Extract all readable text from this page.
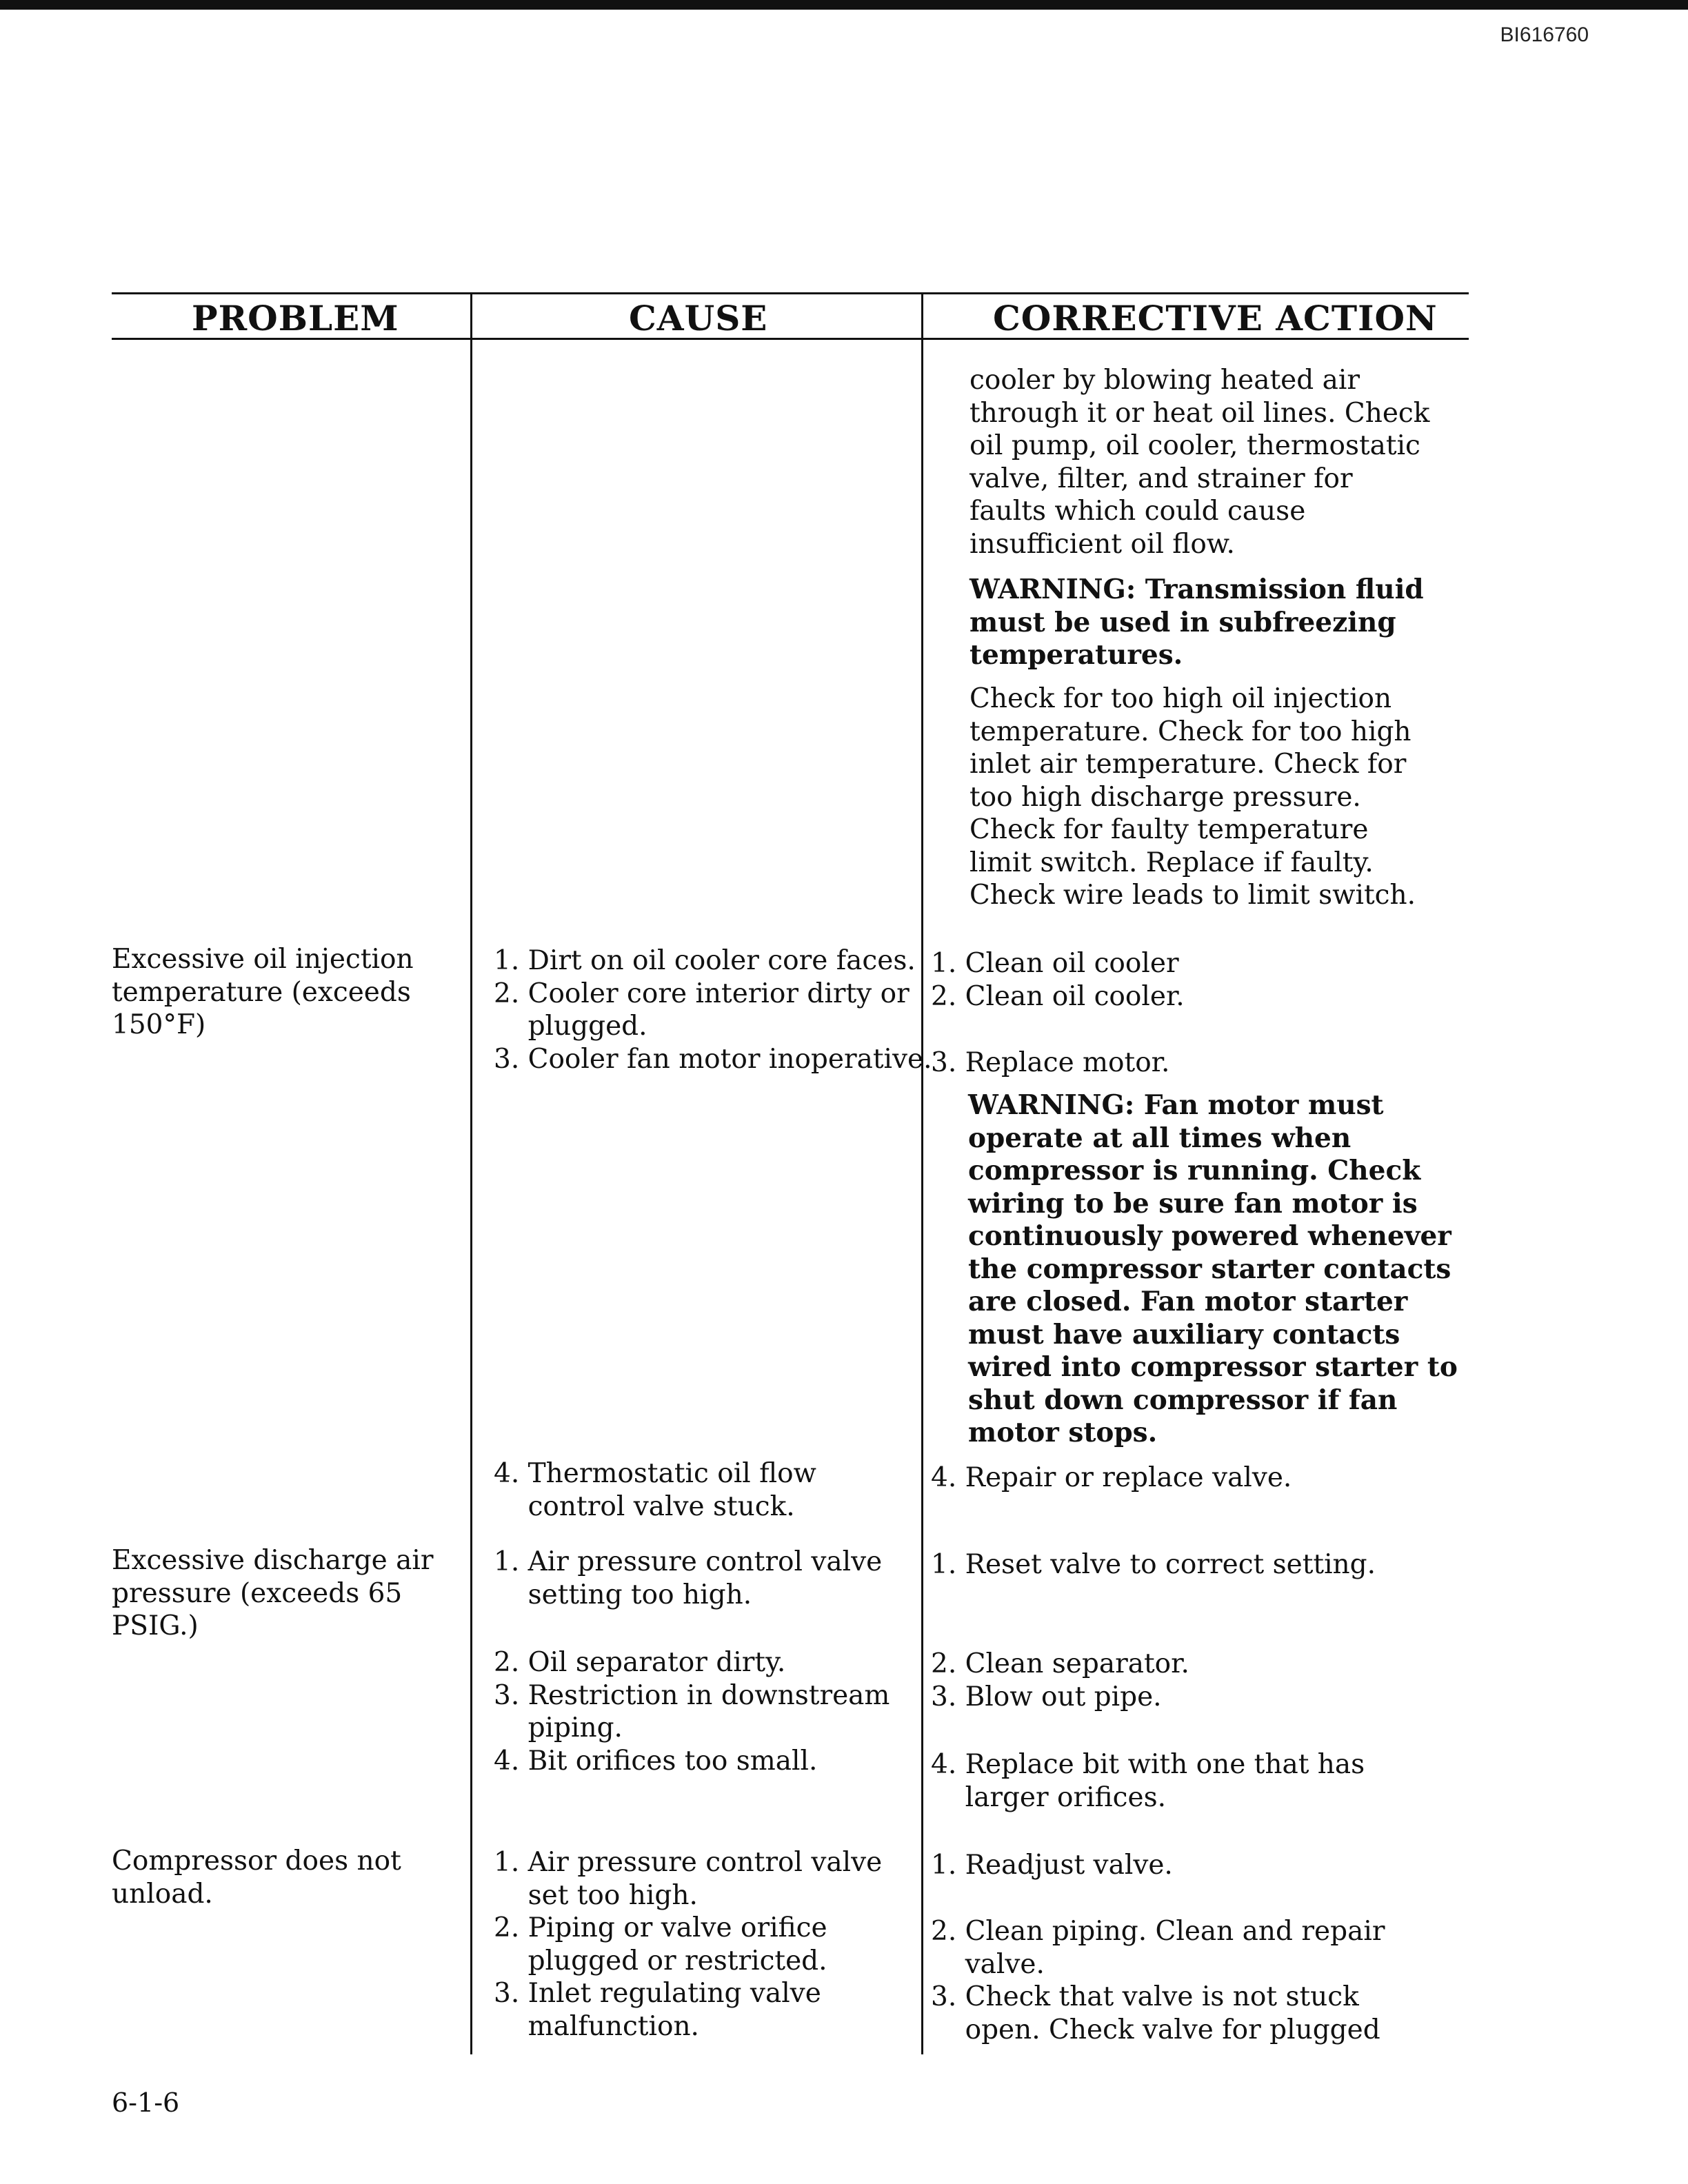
BI616760
PROBLEM	CAUSE	CORRECTIVE ACTION
cooler by blowing heated air
through it or heat oil lines. Check
oil pump, oil cooler, thermostatic
valve, filter, and strainer for
faults which could cause
insufficient oil flow.
WARNING: Transmission fluid
must be used in subfreezing
temperatures.
Check for too high oil injection
temperature. Check for too high
inlet air temperature. Check for
too high discharge pressure.
Check for faulty temperature
limit switch. Replace if faulty.
Check wire leads to limit switch.
Excessive oil injection
temperature (exceeds
150°F)
1. Dirt on oil cooler core faces.
2. Cooler core interior dirty or
plugged.
3. Cooler fan motor inoperative.
4. Thermostatic oil flow
control valve stuck.
1. Clean oil cooler
2. Clean oil cooler.
3. Replace motor.
WARNING: Fan motor must
operate at all times when
compressor is running. Check
wiring to be sure fan motor is
continuously powered whenever
the compressor starter contacts
are closed. Fan motor starter
must have auxiliary contacts
wired into compressor starter to
shut down compressor if fan
motor stops.
4. Repair or replace valve.
Excessive discharge air
pressure (exceeds 65
PSIG.)
1. Air pressure control valve
setting too high.
2. Oil separator dirty.
3. Restriction in downstream
piping.
4. Bit orifices too small.
1. Reset valve to correct setting.
2. Clean separator.
3. Blow out pipe.
4. Replace bit with one that has
larger orifices.
Compressor does not
unload.
1. Air pressure control valve
set too high.
2. Piping or valve orifice
plugged or restricted.
3. Inlet regulating valve
malfunction.
1. Readjust valve.
2. Clean piping. Clean and repair
valve.
3. Check that valve is not stuck
open. Check valve for plugged
6-1-6
